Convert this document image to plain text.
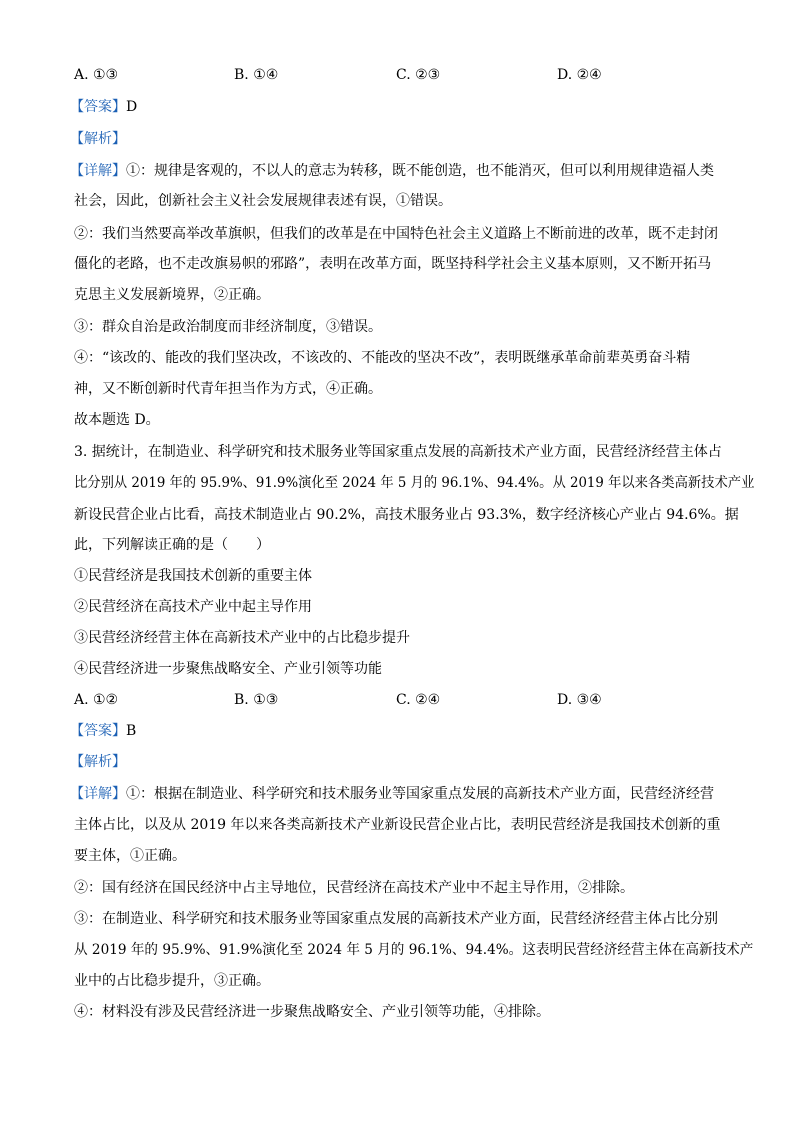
A. ①③	B. ①④	C. ②③	D. ②④
【答案】D
【解析】
【详解】①：规律是客观的，不以人的意志为转移，既不能创造，也不能消灭，但可以利用规律造福人类
社会，因此，创新社会主义社会发展规律表述有误，①错误。
②：我们当然要高举改革旗帜，但我们的改革是在中国特色社会主义道路上不断前进的改革，既不走封闭
僵化的老路，也不走改旗易帜的邪路”，表明在改革方面，既坚持科学社会主义基本原则，又不断开拓马
克思主义发展新境界，②正确。
③：群众自治是政治制度而非经济制度，③错误。
④：“该改的、能改的我们坚决改，不该改的、不能改的坚决不改”，表明既继承革命前辈英勇奋斗精
神，又不断创新时代青年担当作为方式，④正确。
故本题选 D。
3. 据统计，在制造业、科学研究和技术服务业等国家重点发展的高新技术产业方面，民营经济经营主体占
比分别从 2019 年的 95.9%、91.9%演化至 2024 年 5 月的 96.1%、94.4%。从 2019 年以来各类高新技术产业
新设民营企业占比看，高技术制造业占 90.2%，高技术服务业占 93.3%，数字经济核心产业占 94.6%。据
此，下列解读正确的是（　　）
①民营经济是我国技术创新的重要主体
②民营经济在高技术产业中起主导作用
③民营经济经营主体在高新技术产业中的占比稳步提升
④民营经济进一步聚焦战略安全、产业引领等功能
A. ①②	B. ①③	C. ②④	D. ③④
【答案】B
【解析】
【详解】①：根据在制造业、科学研究和技术服务业等国家重点发展的高新技术产业方面，民营经济经营
主体占比，以及从 2019 年以来各类高新技术产业新设民营企业占比，表明民营经济是我国技术创新的重
要主体，①正确。
②：国有经济在国民经济中占主导地位，民营经济在高技术产业中不起主导作用，②排除。
③：在制造业、科学研究和技术服务业等国家重点发展的高新技术产业方面，民营经济经营主体占比分别
从 2019 年的 95.9%、91.9%演化至 2024 年 5 月的 96.1%、94.4%。这表明民营经济经营主体在高新技术产
业中的占比稳步提升，③正确。
④：材料没有涉及民营经济进一步聚焦战略安全、产业引领等功能，④排除。
